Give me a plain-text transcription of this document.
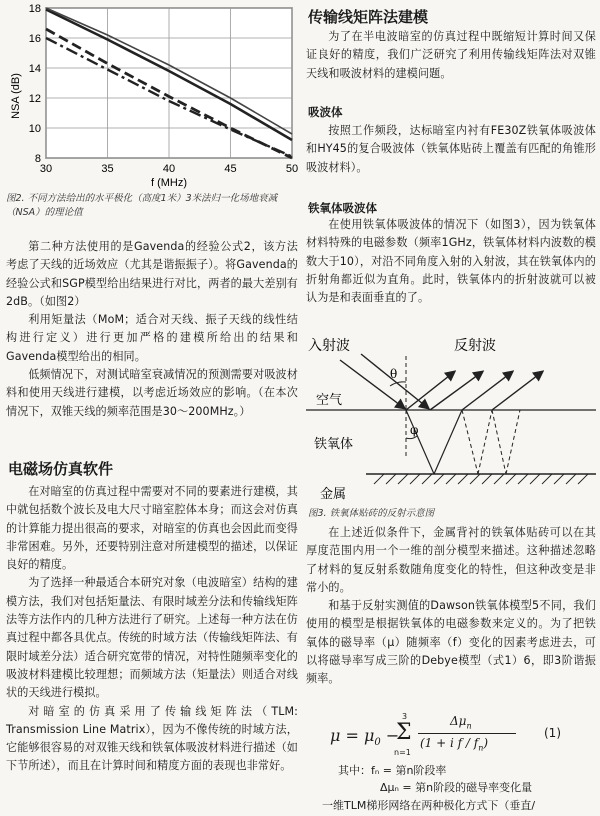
30	35	40	45	50
8
10
12
14
16
18
NSA (dB)
f (MHz)
图2. 不同方法给出的水平极化（高度1米）3米法归一化场地衰减（NSA）的理论值

第二种方法使用的是Gavenda的经验公式2，该方法考虑了天线的近场效应（尤其是谐振振子）。将Gavenda的经验公式和SGP模型给出结果进行对比，两者的最大差别有2dB。（如图2）

利用矩量法（MoM；适合对天线、振子天线的线性结构进行定义）进行更加严格的建模所给出的结果和Gavenda模型给出的相同。

低频情况下，对测试暗室衰减情况的预测需要对吸波材料和使用天线进行建模，以考虑近场效应的影响。（在本次情况下，双锥天线的频率范围是30～200MHz。）

电磁场仿真软件

在对暗室的仿真过程中需要对不同的要素进行建模，其中就包括数个波长及电大尺寸暗室腔体本身；而这会对仿真的计算能力提出很高的要求，对暗室的仿真也会因此而变得非常困难。另外，还要特别注意对所建模型的描述，以保证良好的精度。

为了选择一种最适合本研究对象（电波暗室）结构的建模方法，我们对包括矩量法、有限时域差分法和传输线矩阵法等方法作内的几种方法进行了研究。上述每一种方法在仿真过程中都各具优点。传统的时域方法（传输线矩阵法、有限时域差分法）适合研究宽带的情况，对特性随频率变化的吸波材料建模比较理想；而频域方法（矩量法）则适合对线状的天线进行模拟。

对暗室的仿真采用了传输线矩阵法（TLM: Transmission Line Matrix），因为不像传统的时域方法，它能够很容易的对双锥天线和铁氧体吸波材料进行描述（如下节所述），而且在计算时间和精度方面的表现也非常好。

传输线矩阵法建模

为了在半电波暗室的仿真过程中既缩短计算时间又保证良好的精度，我们广泛研究了利用传输线矩阵法对双锥天线和吸波材料的建模问题。

吸波体

按照工作频段，达标暗室内衬有FE30Z铁氧体吸波体和HY45的复合吸波体（铁氧体贴砖上覆盖有匹配的角锥形吸波材料）。

铁氧体吸波体

在使用铁氧体吸波体的情况下（如图3），因为铁氧体材料特殊的电磁参数（频率1GHz，铁氧体材料内波数的模数大于10），对沿不同角度入射的入射波，其在铁氧体内的折射角都近似为直角。此时，铁氧体内的折射波就可以被认为是和表面垂直的了。

入射波	反射波
θ
φ
空气
铁氧体
金属
图3. 铁氧体贴砖的反射示意图

在上述近似条件下，金属背衬的铁氧体贴砖可以在其厚度范围内用一个一维的剖分模型来描述。这种描述忽略了材料的复反射系数随角度变化的特性，但这种改变是非常小的。

和基于反射实测值的Dawson铁氧体模型5不同，我们使用的模型是根据铁氧体的电磁参数来定义的。为了把铁氧体的磁导率（μ）随频率（f）变化的因素考虑进去，可以将磁导率写成三阶的Debye模型（式1）6，即3阶谐振频率。

$\mu = \mu_0$ −
3
Σ
n=1
$\Delta\mu_n$
(1 + i f / $f_n$)
(1)
其中：fₙ = 第n阶段率
Δμₙ = 第n阶段的磁导率变化量
一维TLM梯形网络在两种极化方式下（垂直/
